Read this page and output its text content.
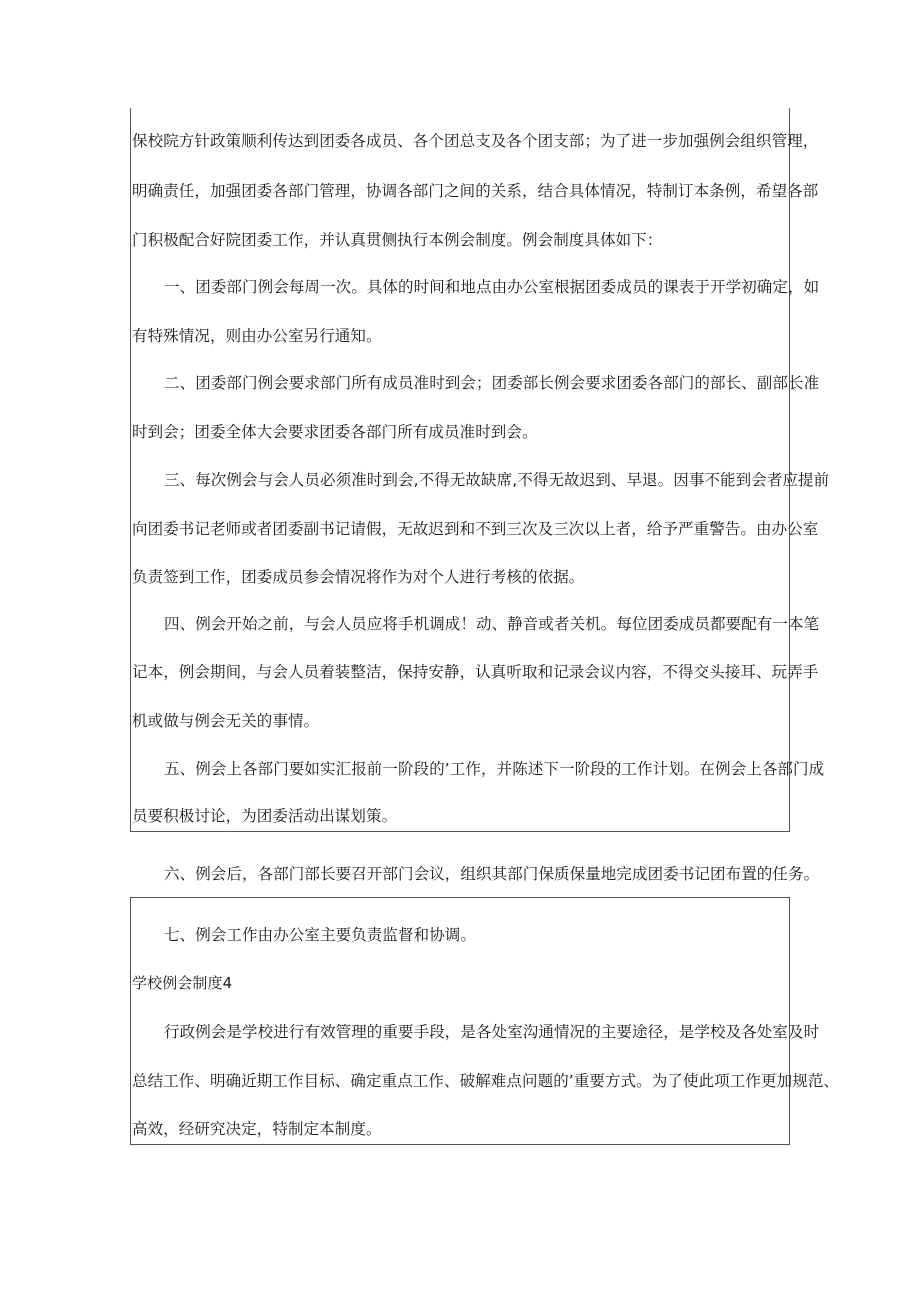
保校院方针政策顺利传达到团委各成员、各个团总支及各个团支部；为了进一步加强例会组织管理，
明确责任，加强团委各部门管理，协调各部门之间的关系，结合具体情况，特制订本条例，希望各部
门积极配合好院团委工作，并认真贯侧执行本例会制度。例会制度具体如下：
一、团委部门例会每周一次。具体的时间和地点由办公室根据团委成员的课表于开学初确定，如
有特殊情况，则由办公室另行通知。
二、团委部门例会要求部门所有成员准时到会；团委部长例会要求团委各部门的部长、副部长准
时到会；团委全体大会要求团委各部门所有成员准时到会。
三、每次例会与会人员必须准时到会,不得无故缺席,不得无故迟到、早退。因事不能到会者应提前
向团委书记老师或者团委副书记请假，无故迟到和不到三次及三次以上者，给予严重警告。由办公室
负责签到工作，团委成员参会情况将作为对个人进行考核的依据。
四、例会开始之前，与会人员应将手机调成！动、静音或者关机。每位团委成员都要配有一本笔
记本，例会期间，与会人员着装整洁，保持安静，认真听取和记录会议内容，不得交头接耳、玩弄手
机或做与例会无关的事情。
五、例会上各部门要如实汇报前一阶段的’工作，并陈述下一阶段的工作计划。在例会上各部门成
员要积极讨论，为团委活动出谋划策。
六、例会后，各部门部长要召开部门会议，组织其部门保质保量地完成团委书记团布置的任务。
七、例会工作由办公室主要负责监督和协调。
学校例会制度4
行政例会是学校进行有效管理的重要手段，是各处室沟通情况的主要途径，是学校及各处室及时
总结工作、明确近期工作目标、确定重点工作、破解难点问题的’重要方式。为了使此项工作更加规范、
高效，经研究决定，特制定本制度。
